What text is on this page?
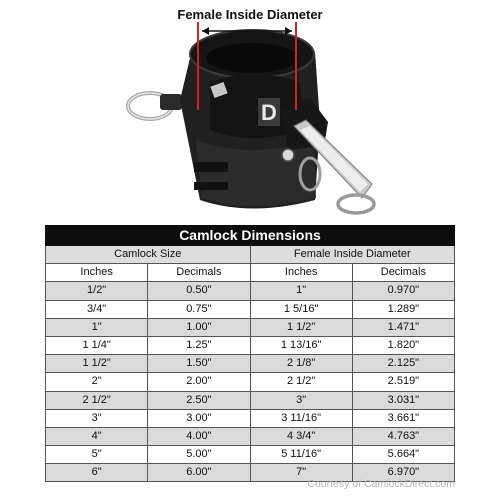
Female Inside Diameter
D
Camlock Dimensions			
Camlock Size		Female Inside Diameter	
Inches	Decimals	Inches	Decimals
1/2"	0.50"	1"	0.970"
3/4"	0.75"	1 5/16"	1.289"
1"	1.00"	1 1/2"	1.471"
1 1/4"	1.25"	1 13/16"	1.820"
1 1/2"	1.50"	2 1/8"	2.125"
2"	2.00"	2 1/2"	2.519"
2 1/2"	2.50"	3"	3.031"
3"	3.00"	3 11/16"	3.661"
4"	4.00"	4 3/4"	4.763"
5"	5.00"	5 11/16"	5.664"
6"	6.00"	7"	6.970"
Courtesy of CamlockDirect.com
